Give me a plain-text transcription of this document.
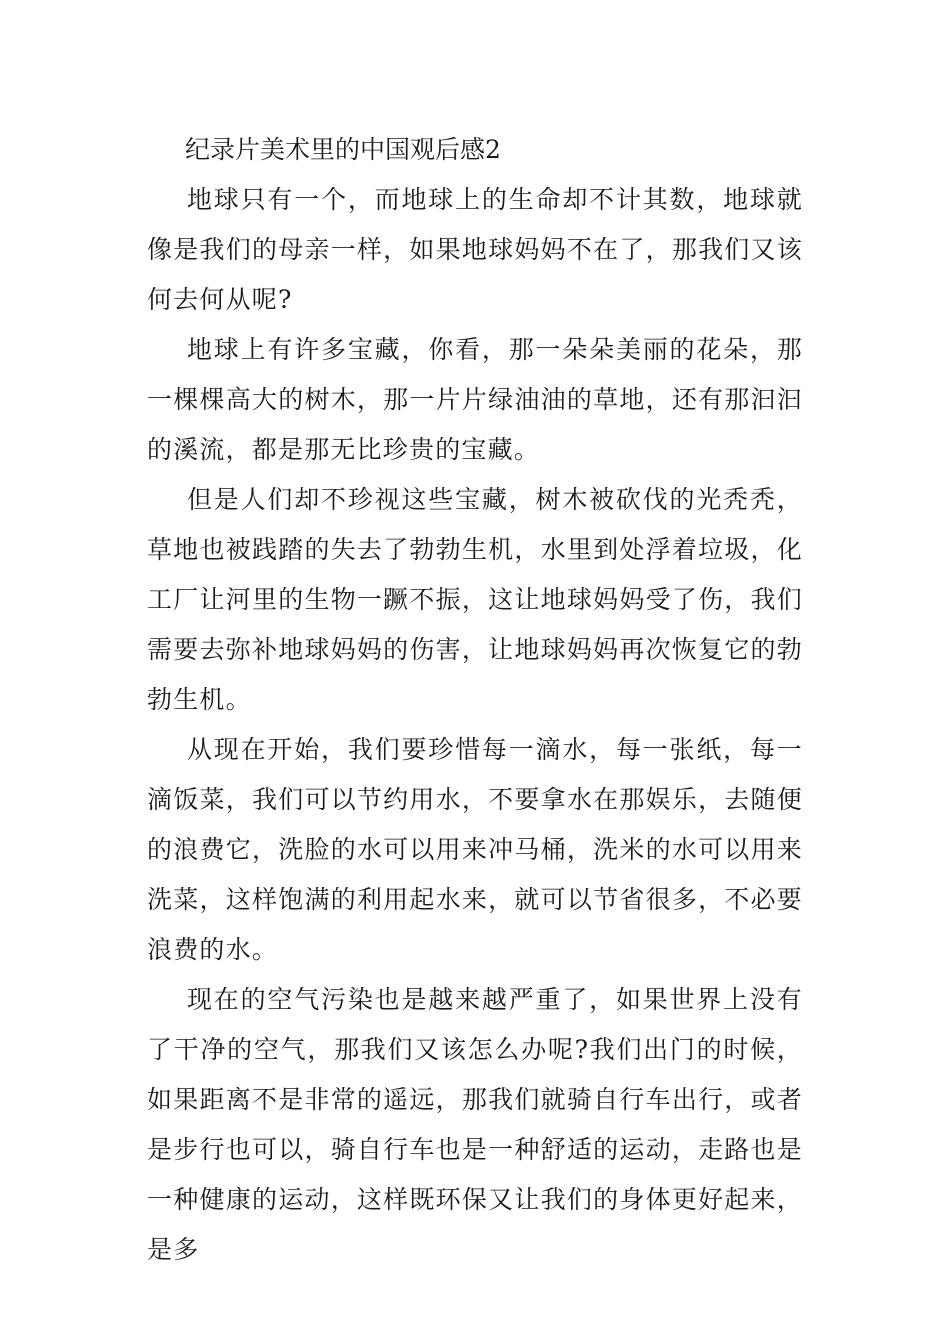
纪录片美术里的中国观后感2

地球只有一个，而地球上的生命却不计其数，地球就像是我们的母亲一样，如果地球妈妈不在了，那我们又该何去何从呢?

地球上有许多宝藏，你看，那一朵朵美丽的花朵，那一棵棵高大的树木，那一片片绿油油的草地，还有那汩汩的溪流，都是那无比珍贵的宝藏。

但是人们却不珍视这些宝藏，树木被砍伐的光秃秃，草地也被践踏的失去了勃勃生机，水里到处浮着垃圾，化工厂让河里的生物一蹶不振，这让地球妈妈受了伤，我们需要去弥补地球妈妈的伤害，让地球妈妈再次恢复它的勃勃生机。

从现在开始，我们要珍惜每一滴水，每一张纸，每一滴饭菜，我们可以节约用水，不要拿水在那娱乐，去随便的浪费它，洗脸的水可以用来冲马桶，洗米的水可以用来洗菜，这样饱满的利用起水来，就可以节省很多，不必要浪费的水。

现在的空气污染也是越来越严重了，如果世界上没有了干净的空气，那我们又该怎么办呢?我们出门的时候，如果距离不是非常的遥远，那我们就骑自行车出行，或者是步行也可以，骑自行车也是一种舒适的运动，走路也是一种健康的运动，这样既环保又让我们的身体更好起来，是多
